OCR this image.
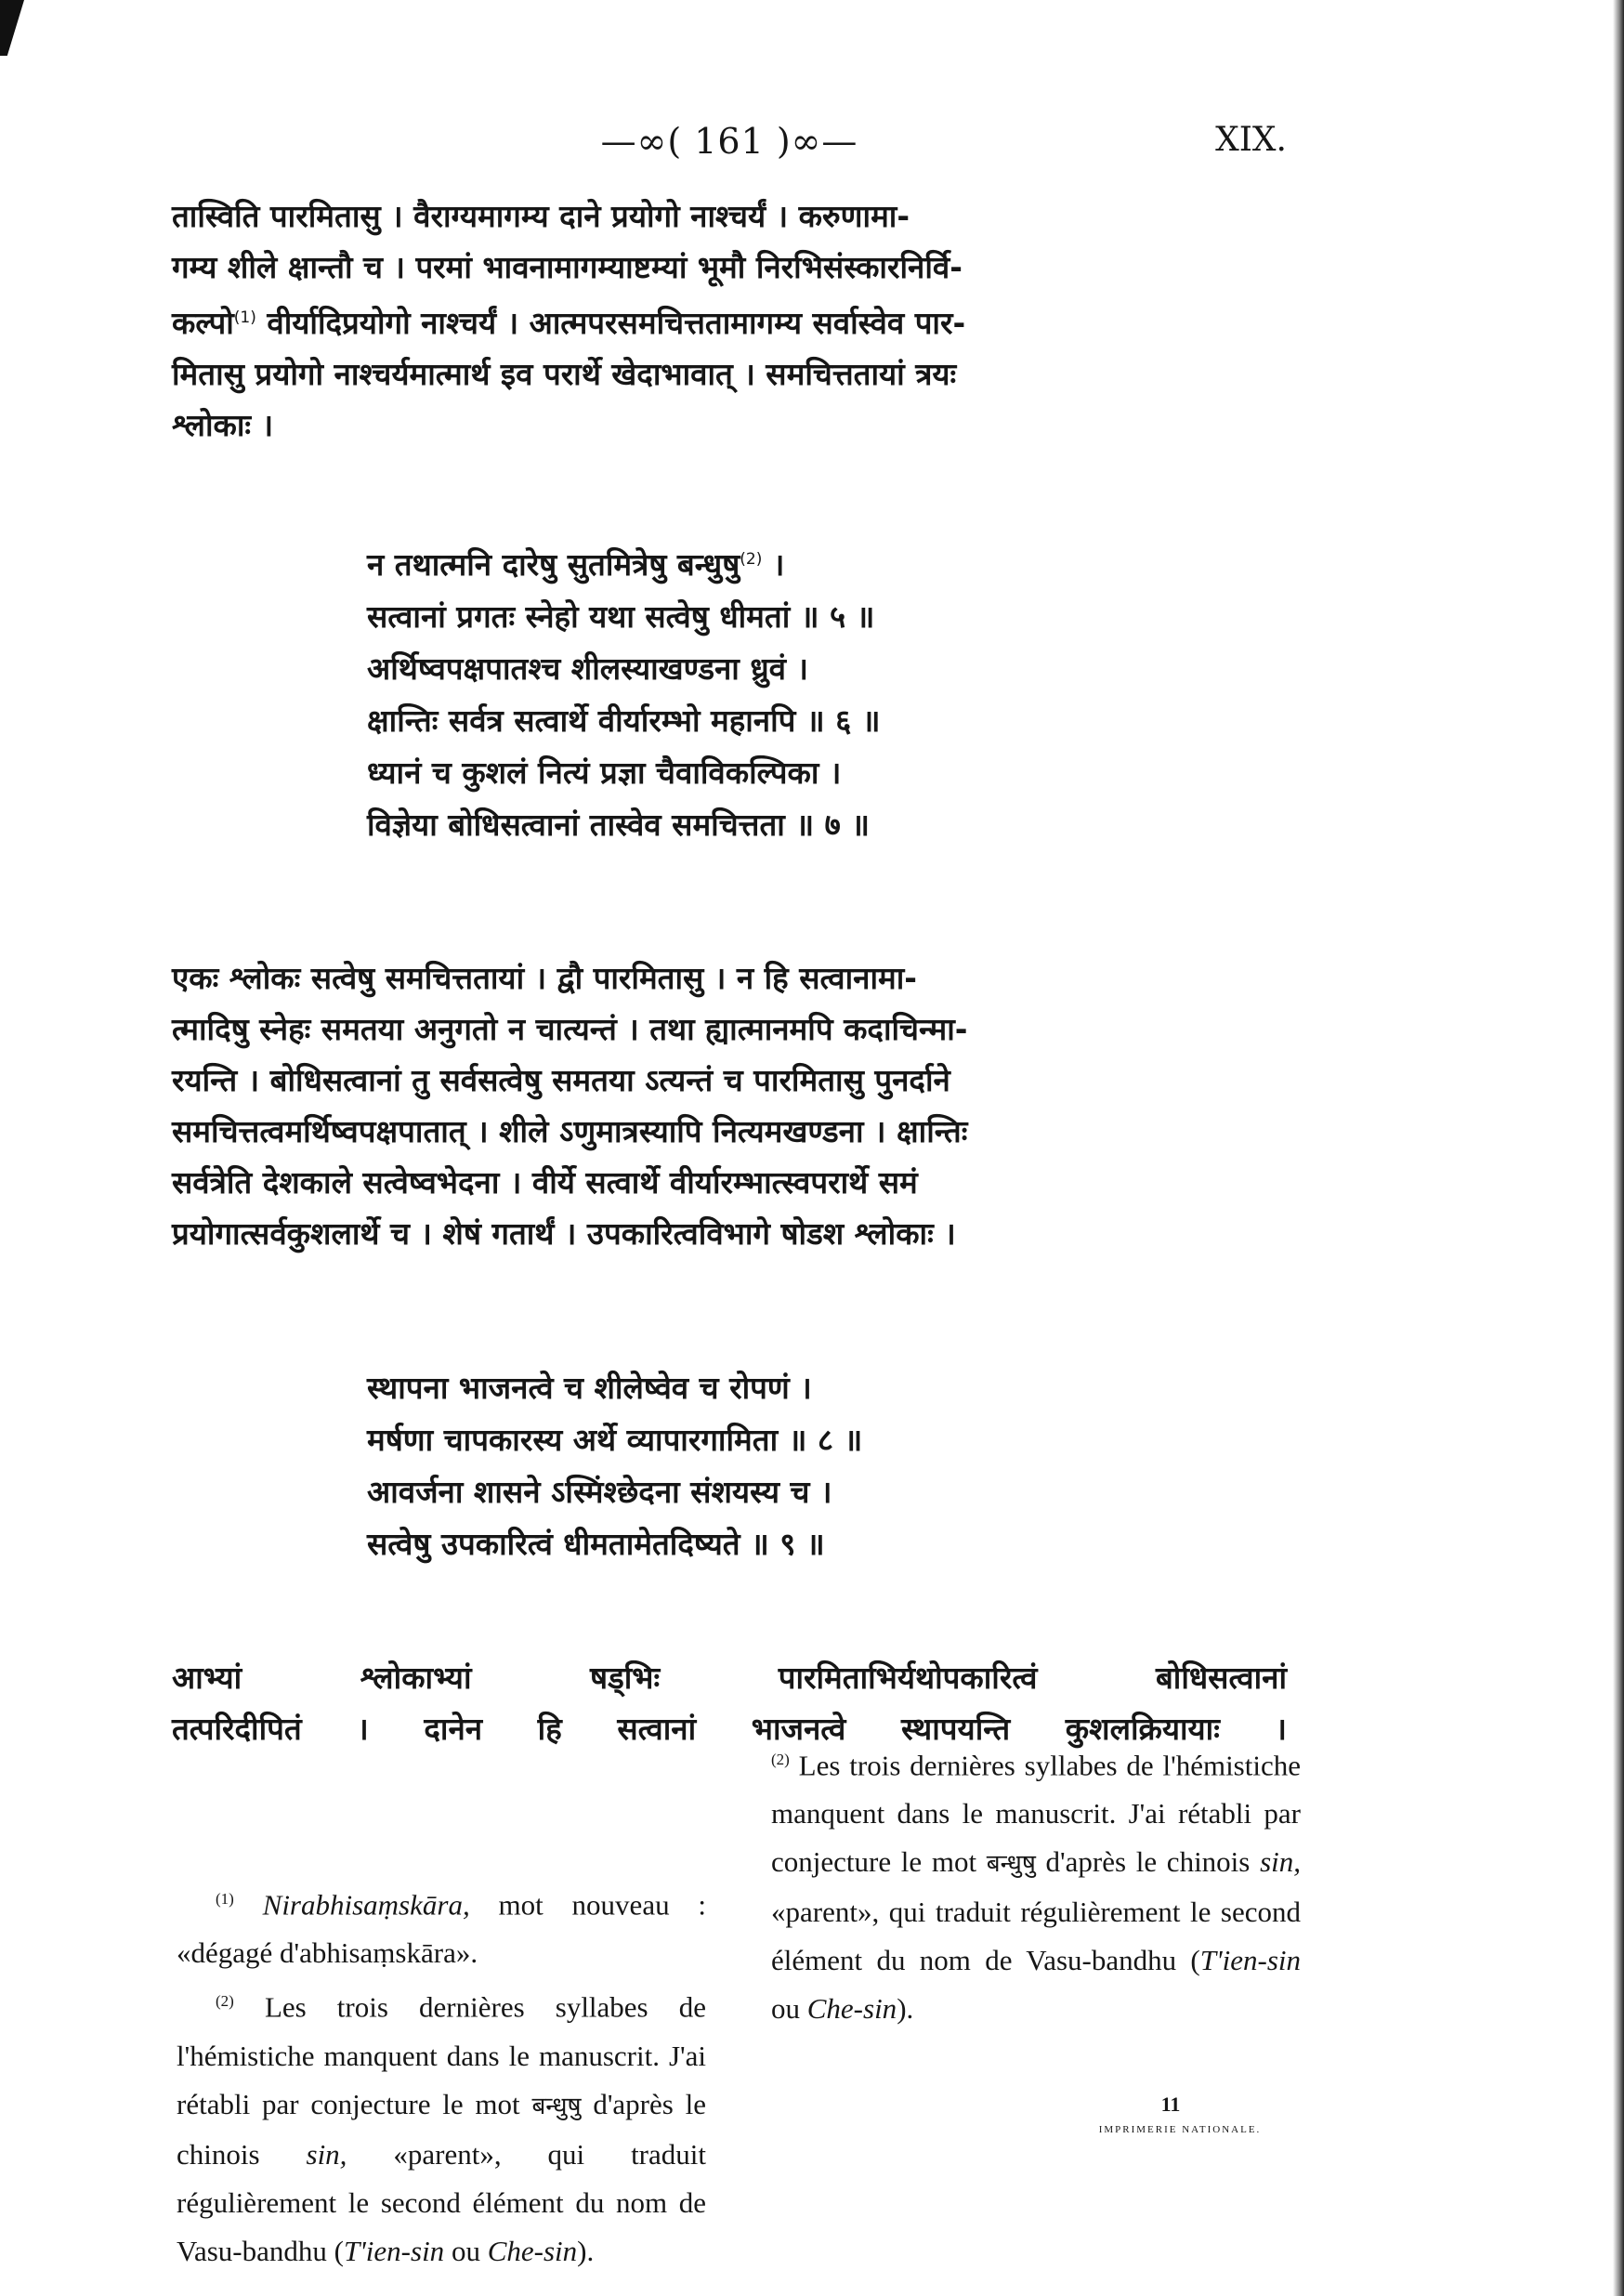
—∞( 161 )∞—	XIX.

तास्विति पारमितासु । वैराग्यमागम्य दाने प्रयोगो नाश्चर्यं । करुणामा-
गम्य शीले क्षान्तौ च । परमां भावनामागम्याष्टम्यां भूमौ निरभिसंस्कारनिर्वि-
कल्पो$^{(1)}$ वीर्यादिप्रयोगो नाश्चर्यं । आत्मपरसमचित्ततामागम्य सर्वास्वेव पार-
मितासु प्रयोगो नाश्चर्यमात्मार्थ इव परार्थे खेदाभावात् । समचित्ततायां त्रयः
श्लोकाः ।

न तथात्मनि दारेषु सुतमित्रेषु बन्धुषु$^{(2)}$ ।
सत्वानां प्रगतः स्नेहो यथा सत्वेषु धीमतां ॥ ५ ॥
अर्थिष्वपक्षपातश्च शीलस्याखण्डना ध्रुवं ।
क्षान्तिः सर्वत्र सत्वार्थे वीर्यारम्भो महानपि ॥ ६ ॥
ध्यानं च कुशलं नित्यं प्रज्ञा चैवाविकल्पिका ।
विज्ञेया बोधिसत्वानां तास्वेव समचित्तता ॥ ७ ॥

एकः श्लोकः सत्वेषु समचित्ततायां । द्वौ पारमितासु । न हि सत्वानामा-
त्मादिषु स्नेहः समतया अनुगतो न चात्यन्तं । तथा ह्यात्मानमपि कदाचिन्मा-
रयन्ति । बोधिसत्वानां तु सर्वसत्वेषु समतया ऽत्यन्तं च पारमितासु पुनर्दाने
समचित्तत्वमर्थिष्वपक्षपातात् । शीले ऽणुमात्रस्यापि नित्यमखण्डना । क्षान्तिः
सर्वत्रेति देशकाले सत्वेष्वभेदना । वीर्ये सत्वार्थे वीर्यारम्भात्स्वपरार्थे समं
प्रयोगात्सर्वकुशलार्थे च । शेषं गतार्थं । उपकारित्वविभागे षोडश श्लोकाः ।

स्थापना भाजनत्वे च शीलेष्वेव च रोपणं ।
मर्षणा चापकारस्य अर्थे व्यापारगामिता ॥ ८ ॥
आवर्जना शासने ऽस्मिंश्छेदना संशयस्य च ।
सत्वेषु उपकारित्वं धीमतामेतदिष्यते ॥ ९ ॥

आभ्यां श्लोकाभ्यां षड्भिः पारमिताभिर्यथोपकारित्वं बोधिसत्वानां
तत्परिदीपितं । दानेन हि सत्वानां भाजनत्वे स्थापयन्ति कुशलक्रियायाः ।

$^{(1)}$ Nirabhisaṃskāra, mot nouveau : «dégagé d'abhisaṃskāra».

$^{(2)}$ Les trois dernières syllabes de l'hémistiche manquent dans le manuscrit. J'ai rétabli par conjecture le mot बन्धुषु d'après le chinois sin, «parent», qui traduit régulièrement le second élément du nom de Vasu-bandhu (T'ien-sin ou Che-sin).

$^{(2)}$ Les trois dernières syllabes de l'hémistiche manquent dans le manuscrit. J'ai rétabli par conjecture le mot बन्धुषु d'après le chinois sin, «parent», qui traduit régulièrement le second élément du nom de Vasu-bandhu (T'ien-sin ou Che-sin).

11
IMPRIMERIE NATIONALE.
